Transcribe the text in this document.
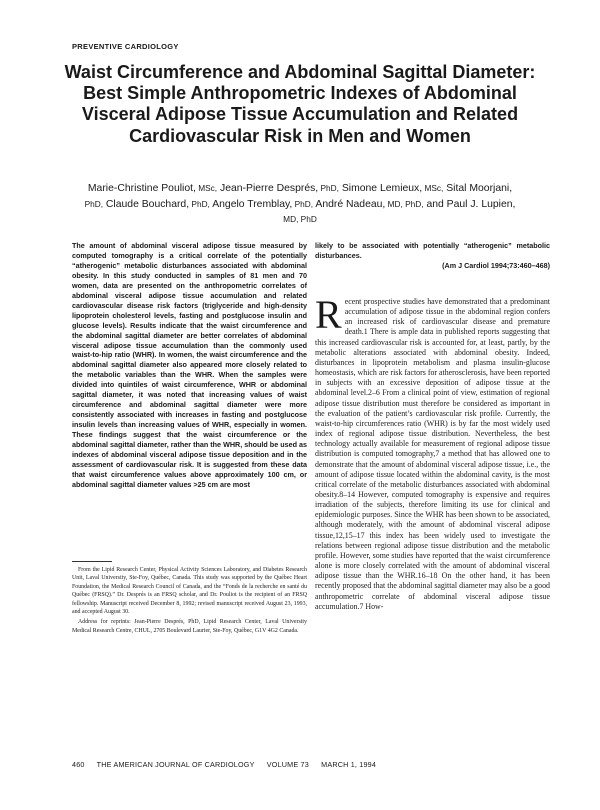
PREVENTIVE CARDIOLOGY
Waist Circumference and Abdominal Sagittal Diameter: Best Simple Anthropometric Indexes of Abdominal Visceral Adipose Tissue Accumulation and Related Cardiovascular Risk in Men and Women
Marie-Christine Pouliot, MSc, Jean-Pierre Després, PhD, Simone Lemieux, MSc, Sital Moorjani, PhD, Claude Bouchard, PhD, Angelo Tremblay, PhD, André Nadeau, MD, PhD, and Paul J. Lupien, MD, PhD

The amount of abdominal visceral adipose tissue measured by computed tomography is a critical correlate of the potentially “atherogenic” metabolic disturbances associated with abdominal obesity. In this study conducted in samples of 81 men and 70 women, data are presented on the anthropometric correlates of abdominal visceral adipose tissue accumulation and related cardiovascular disease risk factors (triglyceride and high-density lipoprotein cholesterol levels, fasting and postglucose insulin and glucose levels). Results indicate that the waist circumference and the abdominal sagittal diameter are better correlates of abdominal visceral adipose tissue accumulation than the commonly used waist-to-hip ratio (WHR). In women, the waist circumference and the abdominal sagittal diameter also appeared more closely related to the metabolic variables than the WHR. When the samples were divided into quintiles of waist circumference, WHR or abdominal sagittal diameter, it was noted that increasing values of waist circumference and abdominal sagittal diameter were more consistently associated with increases in fasting and postglucose insulin levels than increasing values of WHR, especially in women. These findings suggest that the waist circumference or the abdominal sagittal diameter, rather than the WHR, should be used as indexes of abdominal visceral adipose tissue deposition and in the assessment of cardiovascular risk. It is suggested from these data that waist circumference values above approximately 100 cm, or abdominal sagittal diameter values >25 cm are most

likely to be associated with potentially “atherogenic” metabolic disturbances.

(Am J Cardiol 1994;73:460–468)

Recent prospective studies have demonstrated that a predominant accumulation of adipose tissue in the abdominal region confers an increased risk of cardiovascular disease and premature death.1 There is ample data in published reports suggesting that this increased cardiovascular risk is accounted for, at least, partly, by the metabolic alterations associated with abdominal obesity. Indeed, disturbances in lipoprotein metabolism and plasma insulin-glucose homeostasis, which are risk factors for atherosclerosis, have been reported in subjects with an excessive deposition of adipose tissue at the abdominal level.2–6 From a clinical point of view, estimation of regional adipose tissue distribution must therefore be considered as important in the evaluation of the patient’s cardiovascular risk profile. Currently, the waist-to-hip circumferences ratio (WHR) is by far the most widely used index of regional adipose tissue distribution. Nevertheless, the best technology actually available for measurement of regional adipose tissue distribution is computed tomography,7 a method that has allowed one to demonstrate that the amount of abdominal visceral adipose tissue, i.e., the amount of adipose tissue located within the abdominal cavity, is the most critical correlate of the metabolic disturbances associated with abdominal obesity.8–14 However, computed tomography is expensive and requires irradiation of the subjects, therefore limiting its use for clinical and epidemiologic purposes. Since the WHR has been shown to be associated, although moderately, with the amount of abdominal visceral adipose tissue,12,15–17 this index has been widely used to investigate the relations between regional adipose tissue distribution and the metabolic profile. However, some studies have reported that the waist circumference alone is more closely correlated with the amount of abdominal visceral adipose tissue than the WHR.16–18 On the other hand, it has been recently proposed that the abdominal sagittal diameter may also be a good anthropometric correlate of abdominal visceral adipose tissue accumulation.7 How-

From the Lipid Research Center, Physical Activity Sciences Laboratory, and Diabetes Research Unit, Laval University, Ste-Foy, Québec, Canada. This study was supported by the Québec Heart Foundation, the Medical Research Council of Canada, and the “Fonds de la recherche en santé du Québec (FRSQ).” Dr. Després is an FRSQ scholar, and Dr. Pouliot is the recipient of an FRSQ fellowship. Manuscript received December 8, 1992; revised manuscript received August 23, 1993, and accepted August 30.

Address for reprints: Jean-Pierre Després, PhD, Lipid Research Center, Laval University Medical Research Centre, CHUL, 2705 Boulevard Laurier, Ste-Foy, Québec, G1V 4G2 Canada.

460 THE AMERICAN JOURNAL OF CARDIOLOGY VOLUME 73 MARCH 1, 1994
